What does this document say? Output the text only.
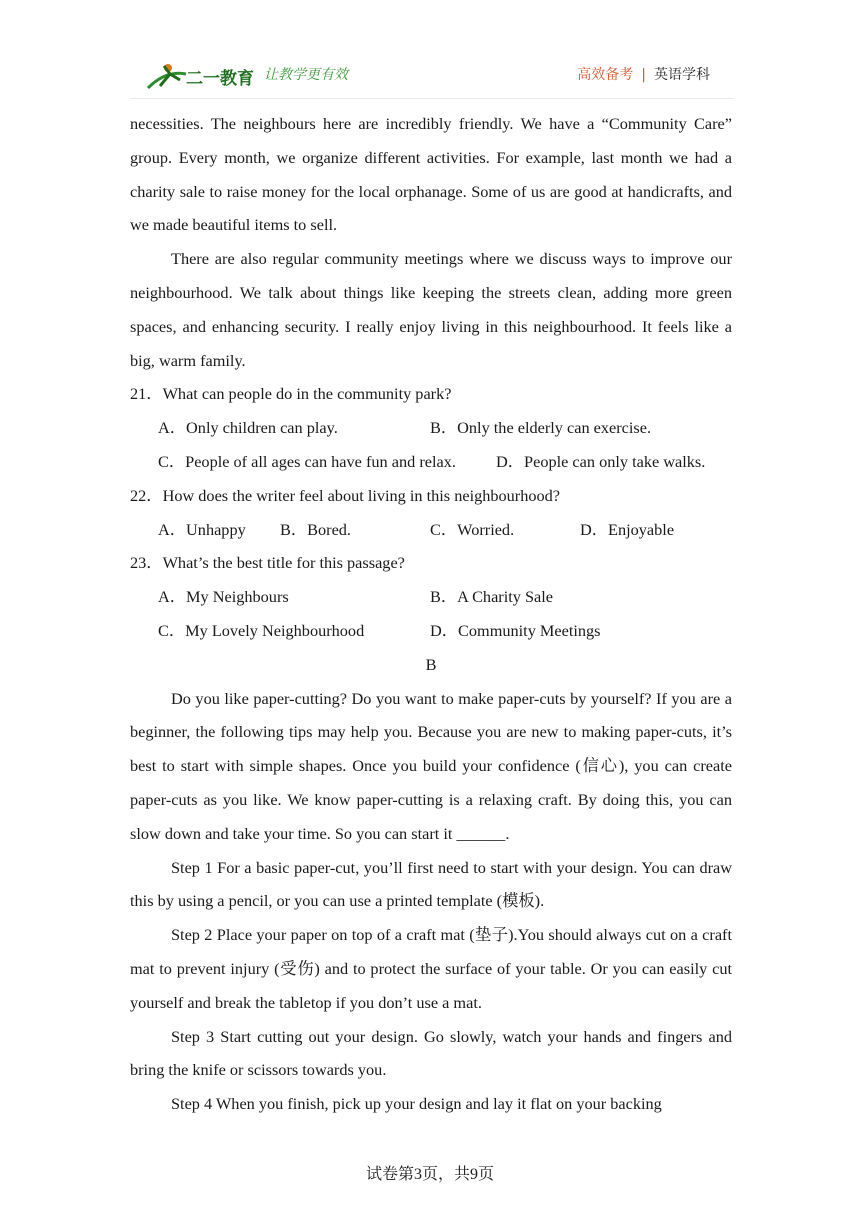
二一教育 让教学更有效	高效备考 | 英语学科

necessities. The neighbours here are incredibly friendly. We have a “Community Care” group. Every month, we organize different activities. For example, last month we had a charity sale to raise money for the local orphanage. Some of us are good at handicrafts, and we made beautiful items to sell.

There are also regular community meetings where we discuss ways to improve our neighbourhood. We talk about things like keeping the streets clean, adding more green spaces, and enhancing security. I really enjoy living in this neighbourhood. It feels like a big, warm family.

21．What can people do in the community park?

A．Only children can play.	B．Only the elderly can exercise.
C．People of all ages can have fun and relax.	D．People can only take walks.

22．How does the writer feel about living in this neighbourhood?

A．Unhappy	B．Bored.	C．Worried.	D．Enjoyable

23．What’s the best title for this passage?

A．My Neighbours	B．A Charity Sale
C．My Lovely Neighbourhood	D．Community Meetings
B

Do you like paper-cutting? Do you want to make paper-cuts by yourself? If you are a beginner, the following tips may help you. Because you are new to making paper-cuts, it’s best to start with simple shapes. Once you build your confidence (信心), you can create paper-cuts as you like. We know paper-cutting is a relaxing craft. By doing this, you can slow down and take your time. So you can start it ______.

Step 1 For a basic paper-cut, you’ll first need to start with your design. You can draw this by using a pencil, or you can use a printed template (模板).

Step 2 Place your paper on top of a craft mat (垫子).You should always cut on a craft mat to prevent injury (受伤) and to protect the surface of your table. Or you can easily cut yourself and break the tabletop if you don’t use a mat.

Step 3 Start cutting out your design. Go slowly, watch your hands and fingers and bring the knife or scissors towards you.

Step 4 When you finish, pick up your design and lay it flat on your backing

试卷第3页，共9页
